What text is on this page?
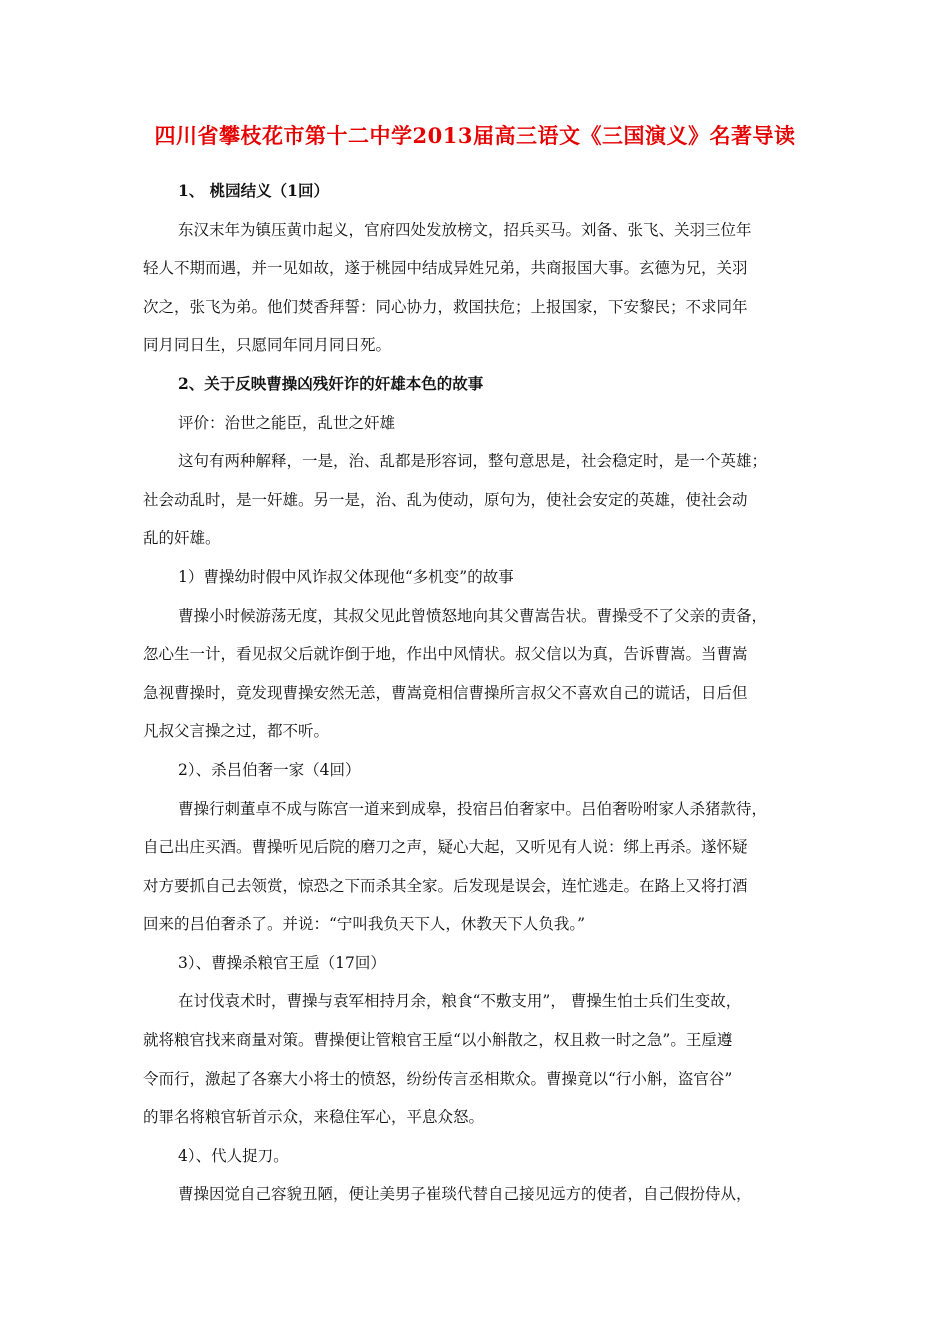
四川省攀枝花市第十二中学2013届高三语文《三国演义》名著导读
1、 桃园结义（1回）
东汉末年为镇压黄巾起义，官府四处发放榜文，招兵买马。刘备、张飞、关羽三位年
轻人不期而遇，并一见如故，遂于桃园中结成异姓兄弟，共商报国大事。玄德为兄，关羽
次之，张飞为弟。他们焚香拜誓：同心协力，救国扶危；上报国家，下安黎民；不求同年
同月同日生，只愿同年同月同日死。
2、关于反映曹操凶残奸诈的奸雄本色的故事
评价：治世之能臣，乱世之奸雄
这句有两种解释，一是，治、乱都是形容词，整句意思是，社会稳定时，是一个英雄；
社会动乱时，是一奸雄。另一是，治、乱为使动，原句为，使社会安定的英雄，使社会动
乱的奸雄。
1）曹操幼时假中风诈叔父体现他“多机变”的故事
曹操小时候游荡无度，其叔父见此曾愤怒地向其父曹嵩告状。曹操受不了父亲的责备，
忽心生一计，看见叔父后就诈倒于地，作出中风情状。叔父信以为真，告诉曹嵩。当曹嵩
急视曹操时，竟发现曹操安然无恙，曹嵩竟相信曹操所言叔父不喜欢自己的谎话，日后但
凡叔父言操之过，都不听。
2）、杀吕伯奢一家（4回）
曹操行刺董卓不成与陈宫一道来到成皋，投宿吕伯奢家中。吕伯奢吩咐家人杀猪款待，
自己出庄买酒。曹操听见后院的磨刀之声，疑心大起，又听见有人说：绑上再杀。遂怀疑
对方要抓自己去领赏，惊恐之下而杀其全家。后发现是误会，连忙逃走。在路上又将打酒
回来的吕伯奢杀了。并说：“宁叫我负天下人，休教天下人负我。”
3）、曹操杀粮官王垕（17回）
在讨伐袁术时，曹操与袁军相持月余，粮食“不敷支用”， 曹操生怕士兵们生变故，
就将粮官找来商量对策。曹操便让管粮官王垕“以小斛散之，权且救一时之急”。王垕遵
令而行，激起了各寨大小将士的愤怒，纷纷传言丞相欺众。曹操竟以“行小斛，盗官谷”
的罪名将粮官斩首示众，来稳住军心，平息众怒。
4）、代人捉刀。
曹操因觉自己容貌丑陋，便让美男子崔琰代替自己接见远方的使者，自己假扮侍从，
